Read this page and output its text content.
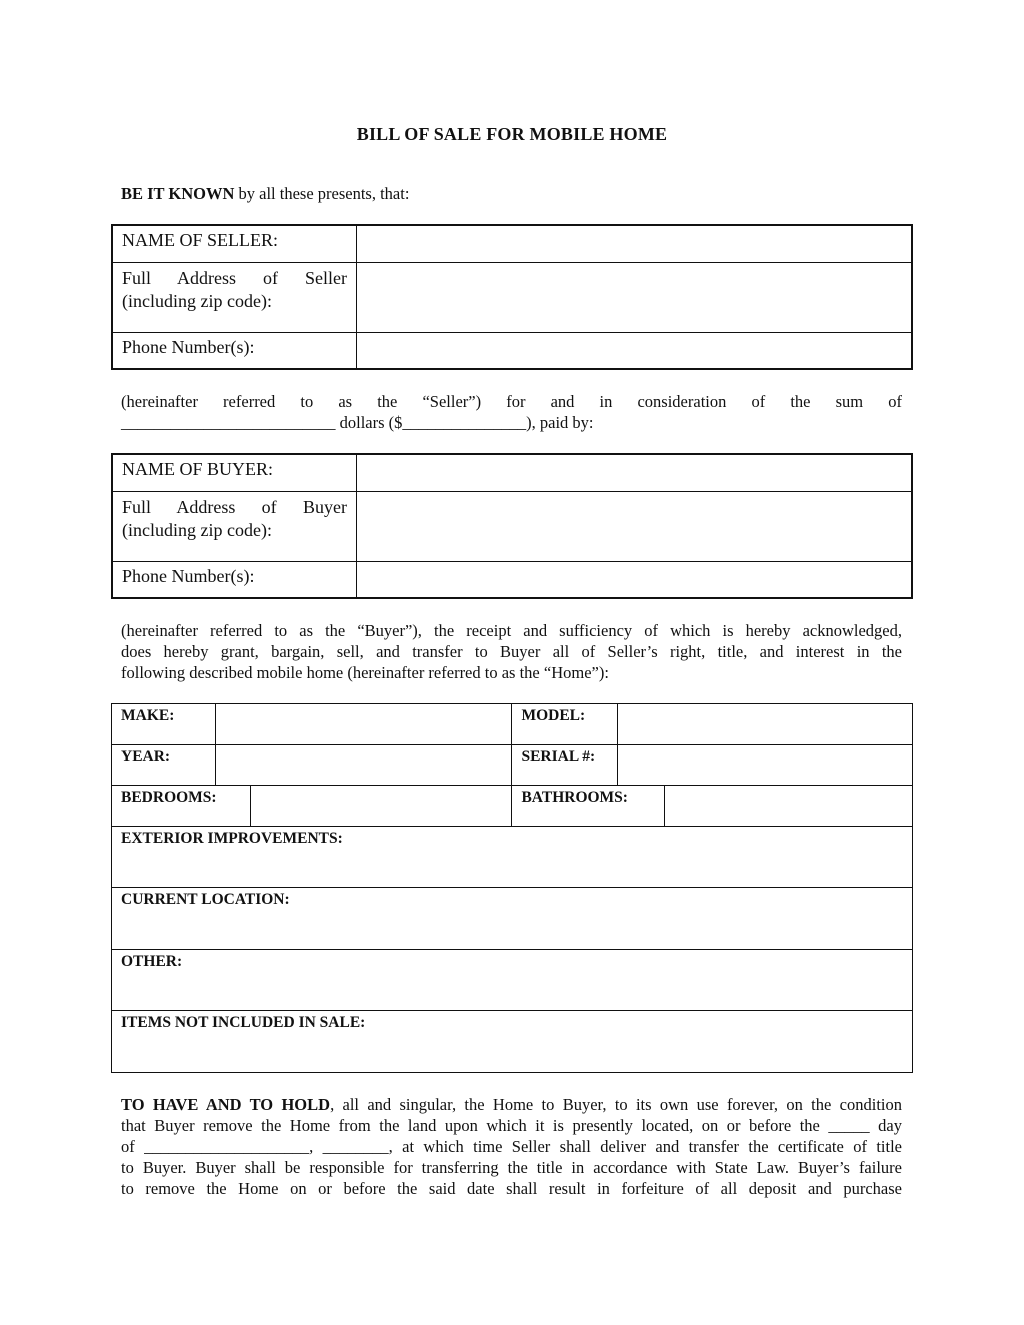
BILL OF SALE FOR MOBILE HOME
BE IT KNOWN by all these presents, that:
NAME OF SELLER:	

Full Address of Seller
(including zip code):	

Phone Number(s):	
(hereinafter referred to as the “Seller”) for and in consideration of the sum of
__________________________ dollars ($_______________), paid by:
NAME OF BUYER:	

Full Address of Buyer
(including zip code):	

Phone Number(s):	
(hereinafter referred to as the “Buyer”), the receipt and sufficiency of which is hereby acknowledged,
does hereby grant, bargain, sell, and transfer to Buyer all of Seller’s right, title, and interest in the
following described mobile home (hereinafter referred to as the “Home”):
MAKE:			MODEL:		
YEAR:			SERIAL #:		
BEDROOMS:			BATHROOMS:		
EXTERIOR IMPROVEMENTS:					
CURRENT LOCATION:					
OTHER:					
ITEMS NOT INCLUDED IN SALE:					
TO HAVE AND TO HOLD, all and singular, the Home to Buyer, to its own use forever, on the condition
that Buyer remove the Home from the land upon which it is presently located, on or before the _____ day
of ____________________, ________, at which time Seller shall deliver and transfer the certificate of title
to Buyer. Buyer shall be responsible for transferring the title in accordance with State Law. Buyer’s failure
to remove the Home on or before the said date shall result in forfeiture of all deposit and purchase
